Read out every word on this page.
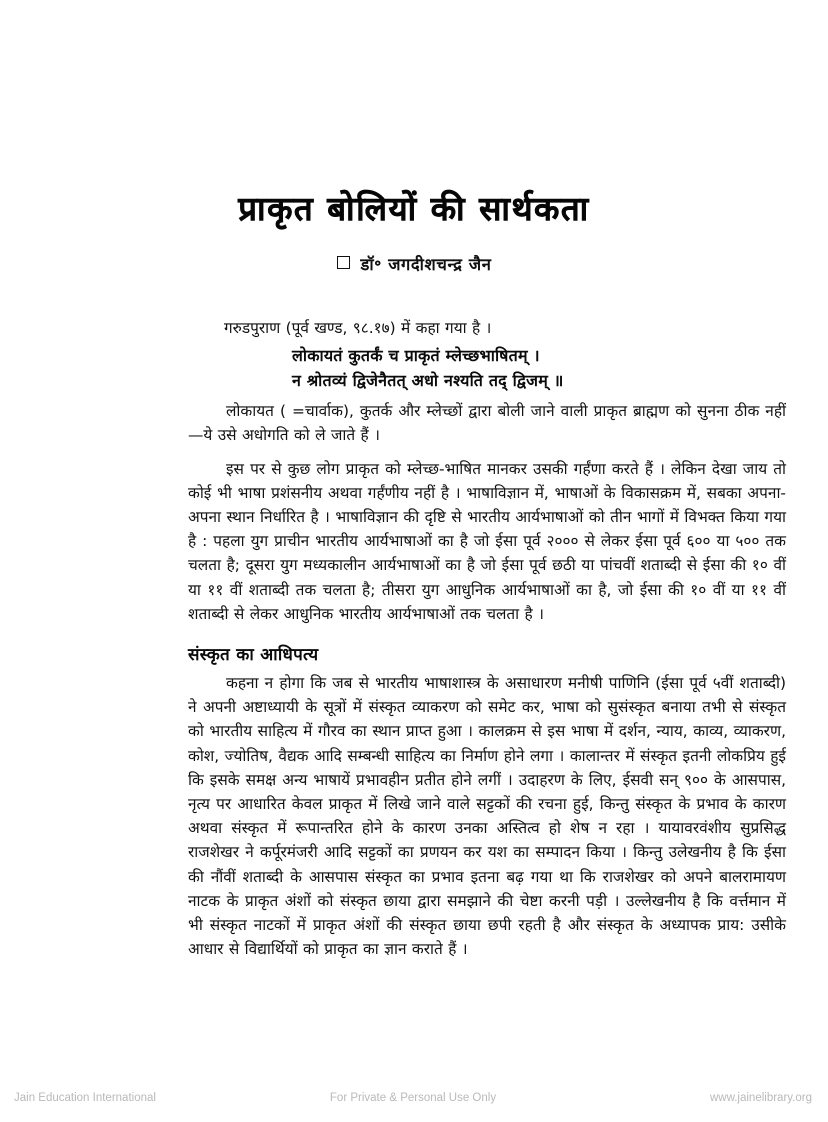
प्राकृत बोलियों की सार्थकता
डॉ॰ जगदीशचन्द्र जैन

गरुडपुराण (पूर्व खण्ड, ९८.१७) में कहा गया है ।

लोकायतं कुतर्कं च प्राकृतं म्लेच्छभाषितम् ।
न श्रोतव्यं द्विजेनैतत् अधो नश्यति तद् द्विजम् ॥

लोकायत ( =चार्वाक), कुतर्क और म्लेच्छों द्वारा बोली जाने वाली प्राकृत ब्राह्मण को सुनना ठीक नहीं—ये उसे अधोगति को ले जाते हैं ।

इस पर से कुछ लोग प्राकृत को म्लेच्छ-भाषित मानकर उसकी गर्हंणा करते हैं । लेकिन देखा जाय तो कोई भी भाषा प्रशंसनीय अथवा गर्हंणीय नहीं है । भाषाविज्ञान में, भाषाओं के विकासक्रम में, सबका अपना-अपना स्थान निर्धारित है । भाषाविज्ञान की दृष्टि से भारतीय आर्यभाषाओं को तीन भागों में विभक्त किया गया है : पहला युग प्राचीन भारतीय आर्यभाषाओं का है जो ईसा पूर्व २००० से लेकर ईसा पूर्व ६०० या ५०० तक चलता है; दूसरा युग मध्यकालीन आर्यभाषाओं का है जो ईसा पूर्व छठी या पांचवीं शताब्दी से ईसा की १० वीं या ११ वीं शताब्दी तक चलता है; तीसरा युग आधुनिक आर्यभाषाओं का है, जो ईसा की १० वीं या ११ वीं शताब्दी से लेकर आधुनिक भारतीय आर्यभाषाओं तक चलता है ।

संस्कृत का आधिपत्य

कहना न होगा कि जब से भारतीय भाषाशास्त्र के असाधारण मनीषी पाणिनि (ईसा पूर्व ५वीं शताब्दी) ने अपनी अष्टाध्यायी के सूत्रों में संस्कृत व्याकरण को समेट कर, भाषा को सुसंस्कृत बनाया तभी से संस्कृत को भारतीय साहित्य में गौरव का स्थान प्राप्त हुआ । कालक्रम से इस भाषा में दर्शन, न्याय, काव्य, व्याकरण, कोश, ज्योतिष, वैद्यक आदि सम्बन्धी साहित्य का निर्माण होने लगा । कालान्तर में संस्कृत इतनी लोकप्रिय हुई कि इसके समक्ष अन्य भाषायें प्रभावहीन प्रतीत होने लगीं । उदाहरण के लिए, ईसवी सन् ९०० के आसपास, नृत्य पर आधारित केवल प्राकृत में लिखे जाने वाले सट्टकों की रचना हुई, किन्तु संस्कृत के प्रभाव के कारण अथवा संस्कृत में रूपान्तरित होने के कारण उनका अस्तित्व हो शेष न रहा । यायावरवंशीय सुप्रसिद्ध राजशेखर ने कर्पूरमंजरी आदि सट्टकों का प्रणयन कर यश का सम्पादन किया । किन्तु उलेखनीय है कि ईसा की नौंवीं शताब्दी के आसपास संस्कृत का प्रभाव इतना बढ़ गया था कि राजशेखर को अपने बालरामायण नाटक के प्राकृत अंशों को संस्कृत छाया द्वारा समझाने की चेष्टा करनी पड़ी । उल्लेखनीय है कि वर्त्तमान में भी संस्कृत नाटकों में प्राकृत अंशों की संस्कृत छाया छपी रहती है और संस्कृत के अध्यापक प्राय: उसीके आधार से विद्यार्थियों को प्राकृत का ज्ञान कराते हैं ।

Jain Education International	For Private & Personal Use Only	www.jainelibrary.org
